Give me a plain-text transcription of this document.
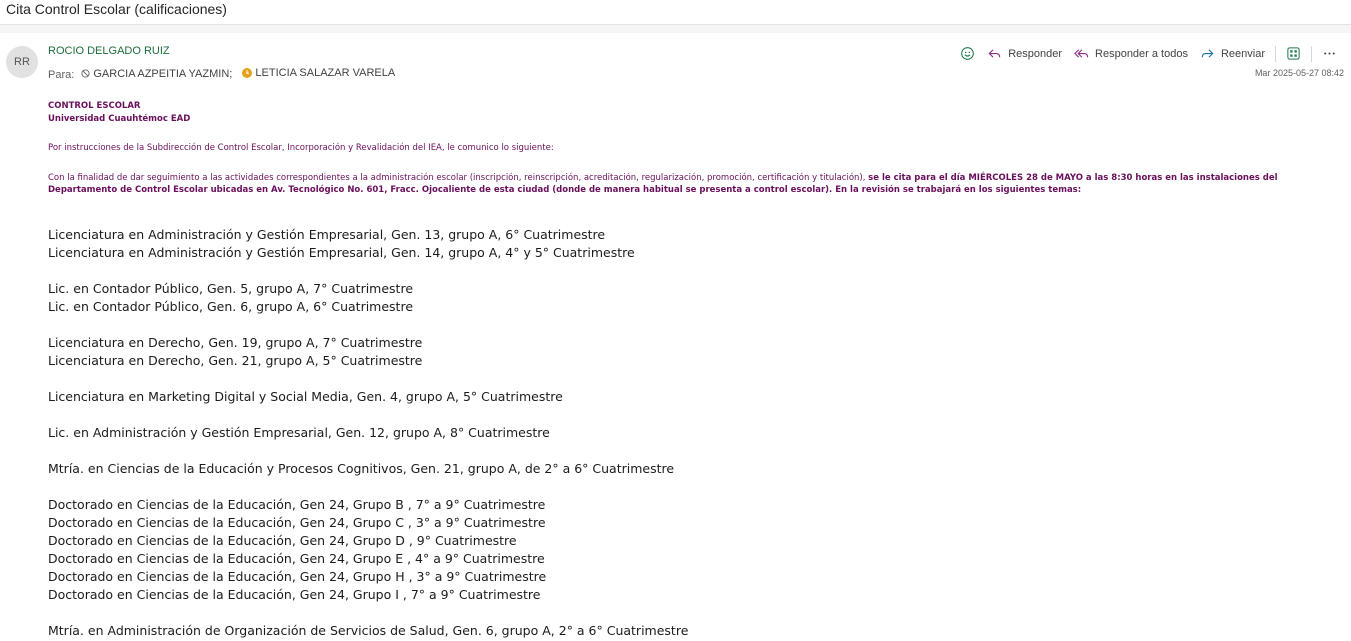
Cita Control Escolar (calificaciones)
RR
ROCIO DELGADO RUIZ
Para: GARCIA AZPEITIA YAZMIN;
LETICIA SALAZAR VARELA
Responder	Responder a todos	Reenviar
Mar 2025-05-27 08:42
CONTROL ESCOLAR
Universidad Cuauhtémoc EAD
Por instrucciones de la Subdirección de Control Escolar, Incorporación y Revalidación del IEA, le comunico lo siguiente:
Con la finalidad de dar seguimiento a las actividades correspondientes a la administración escolar (inscripción, reinscripción, acreditación, regularización, promoción, certificación y titulación), se le cita para el día MIÉRCOLES 28 de MAYO a las 8:30 horas en las instalaciones del Departamento de Control Escolar ubicadas en Av. Tecnológico No. 601, Fracc. Ojocaliente de esta ciudad (donde de manera habitual se presenta a control escolar). En la revisión se trabajará en los siguientes temas:
Licenciatura en Administración y Gestión Empresarial, Gen. 13, grupo A, 6° Cuatrimestre
Licenciatura en Administración y Gestión Empresarial, Gen. 14, grupo A, 4° y 5° Cuatrimestre
Lic. en Contador Público, Gen. 5, grupo A, 7° Cuatrimestre
Lic. en Contador Público, Gen. 6, grupo A, 6° Cuatrimestre
Licenciatura en Derecho, Gen. 19, grupo A, 7° Cuatrimestre
Licenciatura en Derecho, Gen. 21, grupo A, 5° Cuatrimestre
Licenciatura en Marketing Digital y Social Media, Gen. 4, grupo A, 5° Cuatrimestre
Lic. en Administración y Gestión Empresarial, Gen. 12, grupo A, 8° Cuatrimestre
Mtría. en Ciencias de la Educación y Procesos Cognitivos, Gen. 21, grupo A, de 2° a 6° Cuatrimestre
Doctorado en Ciencias de la Educación, Gen 24, Grupo B , 7° a 9° Cuatrimestre
Doctorado en Ciencias de la Educación, Gen 24, Grupo C , 3° a 9° Cuatrimestre
Doctorado en Ciencias de la Educación, Gen 24, Grupo D , 9° Cuatrimestre
Doctorado en Ciencias de la Educación, Gen 24, Grupo E , 4° a 9° Cuatrimestre
Doctorado en Ciencias de la Educación, Gen 24, Grupo H , 3° a 9° Cuatrimestre
Doctorado en Ciencias de la Educación, Gen 24, Grupo I , 7° a 9° Cuatrimestre
Mtría. en Administración de Organización de Servicios de Salud, Gen. 6, grupo A, 2° a 6° Cuatrimestre
